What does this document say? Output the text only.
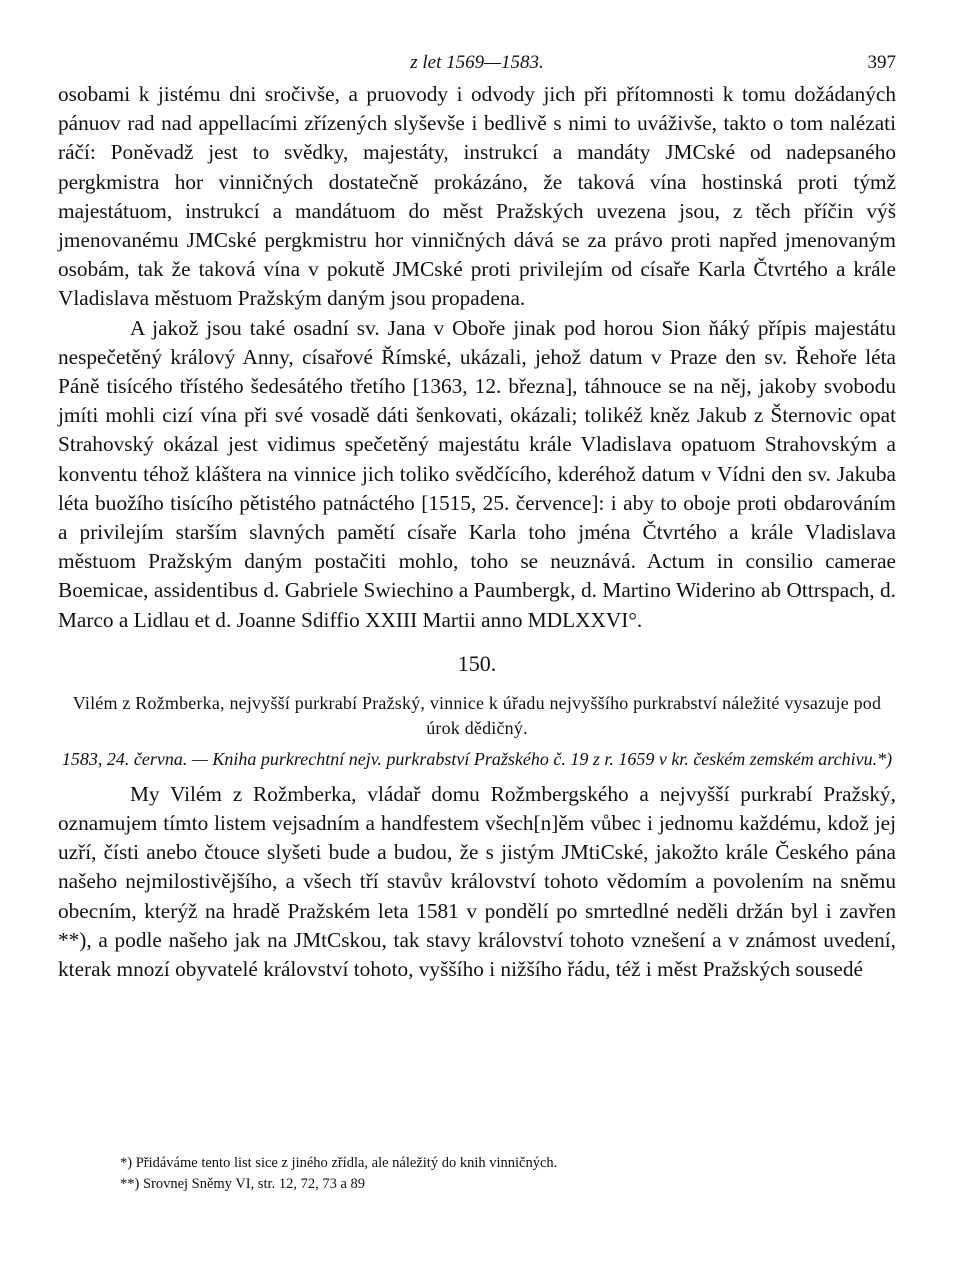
z let 1569—1583.	397

osobami k jistému dni sročivše, a pruovody i odvody jich při přítomnosti k tomu dožádaných pánuov rad nad appellacími zřízených slyševše i bedlivě s nimi to uváživše, takto o tom nalézati ráčí: Poněvadž jest to svědky, majestáty, instrukcí a mandáty JMCské od nadepsaného pergkmistra hor vinničných dostatečně prokázáno, že taková vína hostinská proti týmž majestátuom, instrukcí a mandátuom do měst Pražských uvezena jsou, z těch příčin výš jmenovanému JMCské pergkmistru hor vinničných dává se za právo proti napřed jmenovaným osobám, tak že taková vína v pokutě JMCské proti privilejím od císaře Karla Čtvrtého a krále Vladislava městuom Pražským daným jsou propadena.

A jakož jsou také osadní sv. Jana v Oboře jinak pod horou Sion ňáký přípis majestátu nespečetěný králový Anny, císařové Římské, ukázali, jehož datum v Praze den sv. Řehoře léta Páně tisícého třístého šedesátého třetího [1363, 12. března], táhnouce se na něj, jakoby svobodu jmíti mohli cizí vína při své vosadě dáti šenkovati, okázali; tolikéž kněz Jakub z Šternovic opat Strahovský okázal jest vidimus spečetěný majestátu krále Vladislava opatuom Strahovským a konventu téhož kláštera na vinnice jich toliko svědčícího, kderéhož datum v Vídni den sv. Jakuba léta buožího tisícího pětistého patnáctého [1515, 25. července]: i aby to oboje proti obdarováním a privilejím starším slavných pamětí císaře Karla toho jména Čtvrtého a krále Vladislava městuom Pražským daným postačiti mohlo, toho se neuznává. Actum in consilio camerae Boemicae, assidentibus d. Gabriele Swiechino a Paumbergk, d. Martino Widerino ab Ottrspach, d. Marco a Lidlau et d. Joanne Sdiffio XXIII Martii anno MDLXXVI°.

150.

Vilém z Rožmberka, nejvyšší purkrabí Pražský, vinnice k úřadu nejvyššího purkrabství náležité vysazuje pod úrok dědičný.

1583, 24. června. — Kniha purkrechtní nejv. purkrabství Pražského č. 19 z r. 1659 v kr. českém zemském archivu.*)

My Vilém z Rožmberka, vládař domu Rožmbergského a nejvyšší purkrabí Pražský, oznamujem tímto listem vejsadním a handfestem všech[n]ěm vůbec i jednomu každému, kdož jej uzří, čísti anebo čtouce slyšeti bude a budou, že s jistým JMtiCské, jakožto krále Českého pána našeho nejmilostivějšího, a všech tří stavův království tohoto vědomím a povolením na sněmu obecním, kterýž na hradě Pražském leta 1581 v pondělí po smrtedlné neděli držán byl i zavřen **), a podle našeho jak na JMtCskou, tak stavy království tohoto vznešení a v známost uvedení, kterak mnozí obyvatelé království tohoto, vyššího i nižšího řádu, též i měst Pražských sousedé

*) Přidáváme tento list sice z jiného zřídla, ale náležitý do knih vinničných.

**) Srovnej Sněmy VI, str. 12, 72, 73 a 89
